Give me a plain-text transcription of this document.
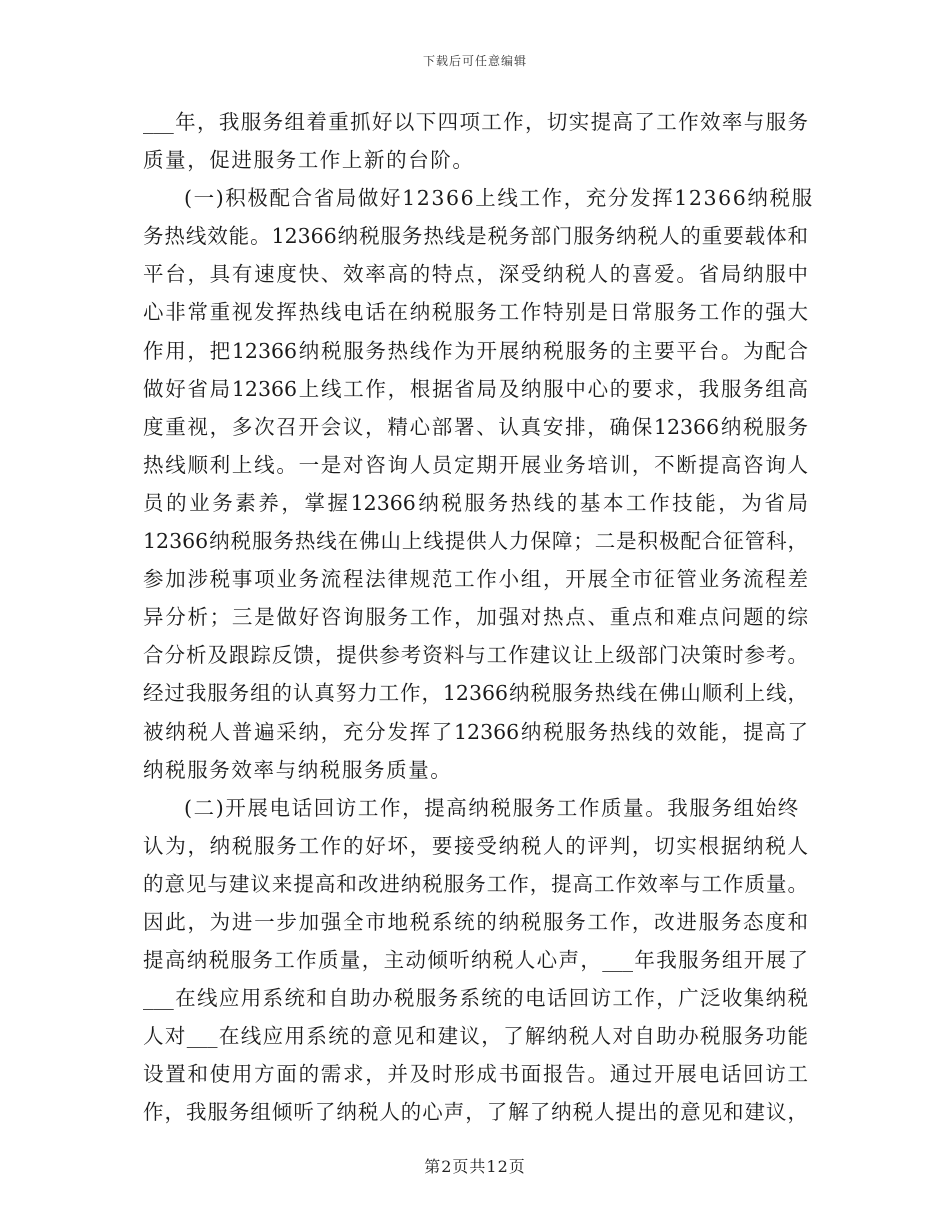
下载后可任意编辑
___年，我服务组着重抓好以下四项工作，切实提高了工作效率与服务
质量，促进服务工作上新的台阶。
(一)积极配合省局做好12366上线工作，充分发挥12366纳税服
务热线效能。12366纳税服务热线是税务部门服务纳税人的重要载体和
平台，具有速度快、效率高的特点，深受纳税人的喜爱。省局纳服中
心非常重视发挥热线电话在纳税服务工作特别是日常服务工作的强大
作用，把12366纳税服务热线作为开展纳税服务的主要平台。为配合
做好省局12366上线工作，根据省局及纳服中心的要求，我服务组高
度重视，多次召开会议，精心部署、认真安排，确保12366纳税服务
热线顺利上线。一是对咨询人员定期开展业务培训，不断提高咨询人
员的业务素养，掌握12366纳税服务热线的基本工作技能，为省局
12366纳税服务热线在佛山上线提供人力保障；二是积极配合征管科，
参加涉税事项业务流程法律规范工作小组，开展全市征管业务流程差
异分析；三是做好咨询服务工作，加强对热点、重点和难点问题的综
合分析及跟踪反馈，提供参考资料与工作建议让上级部门决策时参考。
经过我服务组的认真努力工作，12366纳税服务热线在佛山顺利上线，
被纳税人普遍采纳，充分发挥了12366纳税服务热线的效能，提高了
纳税服务效率与纳税服务质量。
(二)开展电话回访工作，提高纳税服务工作质量。我服务组始终
认为，纳税服务工作的好坏，要接受纳税人的评判，切实根据纳税人
的意见与建议来提高和改进纳税服务工作，提高工作效率与工作质量。
因此，为进一步加强全市地税系统的纳税服务工作，改进服务态度和
提高纳税服务工作质量，主动倾听纳税人心声，___年我服务组开展了
___在线应用系统和自助办税服务系统的电话回访工作，广泛收集纳税
人对___在线应用系统的意见和建议，了解纳税人对自助办税服务功能
设置和使用方面的需求，并及时形成书面报告。通过开展电话回访工
作，我服务组倾听了纳税人的心声，了解了纳税人提出的意见和建议，
第2页共12页
